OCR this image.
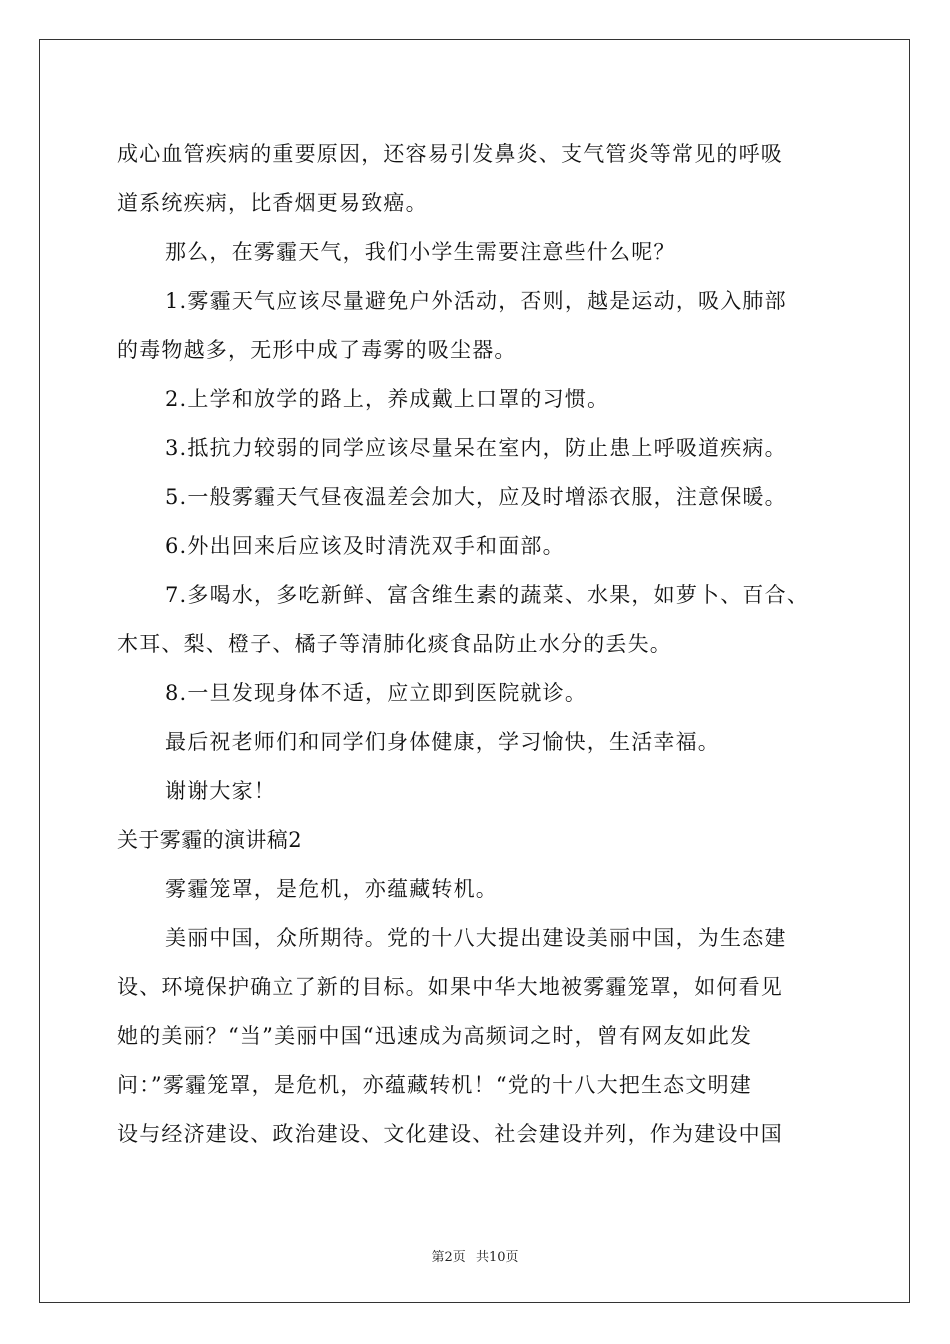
成心血管疾病的重要原因，还容易引发鼻炎、支气管炎等常见的呼吸
道系统疾病，比香烟更易致癌。
那么，在雾霾天气，我们小学生需要注意些什么呢？
1.雾霾天气应该尽量避免户外活动，否则，越是运动，吸入肺部
的毒物越多，无形中成了毒雾的吸尘器。
2.上学和放学的路上，养成戴上口罩的习惯。
3.抵抗力较弱的同学应该尽量呆在室内，防止患上呼吸道疾病。
5.一般雾霾天气昼夜温差会加大，应及时增添衣服，注意保暖。
6.外出回来后应该及时清洗双手和面部。
7.多喝水，多吃新鲜、富含维生素的蔬菜、水果，如萝卜、百合、
木耳、梨、橙子、橘子等清肺化痰食品防止水分的丢失。
8.一旦发现身体不适，应立即到医院就诊。
最后祝老师们和同学们身体健康，学习愉快，生活幸福。
谢谢大家！
关于雾霾的演讲稿2
雾霾笼罩，是危机，亦蕴藏转机。
美丽中国，众所期待。党的十八大提出建设美丽中国，为生态建
设、环境保护确立了新的目标。如果中华大地被雾霾笼罩，如何看见
她的美丽？“当”美丽中国“迅速成为高频词之时，曾有网友如此发
问：”雾霾笼罩，是危机，亦蕴藏转机！“党的十八大把生态文明建
设与经济建设、政治建设、文化建设、社会建设并列，作为建设中国
第2页 共10页
